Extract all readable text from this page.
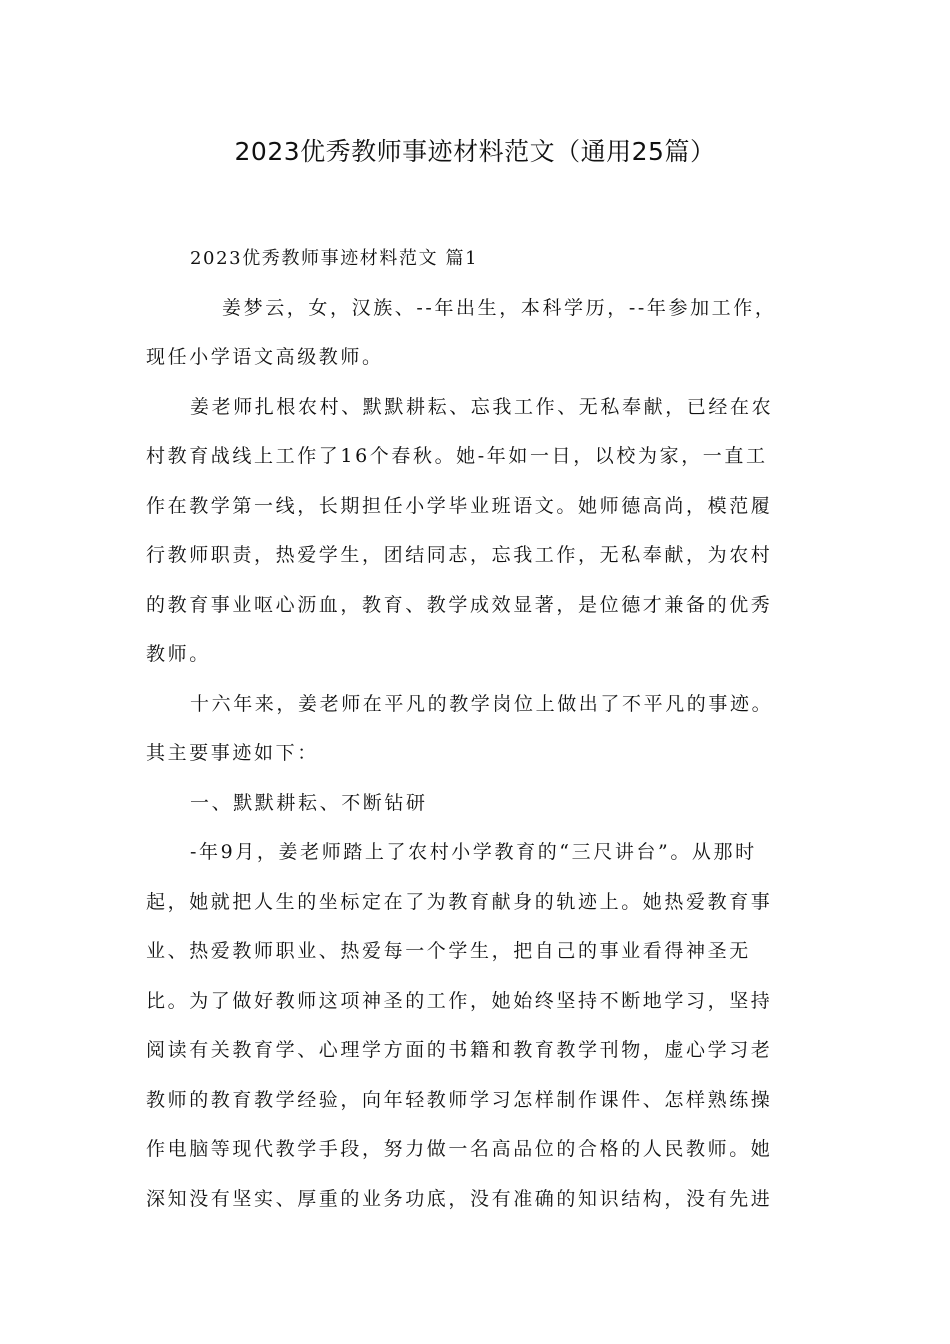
2023优秀教师事迹材料范文（通用25篇）
2023优秀教师事迹材料范文 篇1
姜梦云，女，汉族、--年出生，本科学历，--年参加工作，
现任小学语文高级教师。
姜老师扎根农村、默默耕耘、忘我工作、无私奉献，已经在农
村教育战线上工作了16个春秋。她-年如一日，以校为家，一直工
作在教学第一线，长期担任小学毕业班语文。她师德高尚，模范履
行教师职责，热爱学生，团结同志，忘我工作，无私奉献，为农村
的教育事业呕心沥血，教育、教学成效显著，是位德才兼备的优秀
教师。
十六年来，姜老师在平凡的教学岗位上做出了不平凡的事迹。
其主要事迹如下：
一、默默耕耘、不断钻研
-年9月，姜老师踏上了农村小学教育的“三尺讲台”。从那时
起，她就把人生的坐标定在了为教育献身的轨迹上。她热爱教育事
业、热爱教师职业、热爱每一个学生，把自己的事业看得神圣无
比。为了做好教师这项神圣的工作，她始终坚持不断地学习，坚持
阅读有关教育学、心理学方面的书籍和教育教学刊物，虚心学习老
教师的教育教学经验，向年轻教师学习怎样制作课件、怎样熟练操
作电脑等现代教学手段，努力做一名高品位的合格的人民教师。她
深知没有坚实、厚重的业务功底，没有准确的知识结构，没有先进
